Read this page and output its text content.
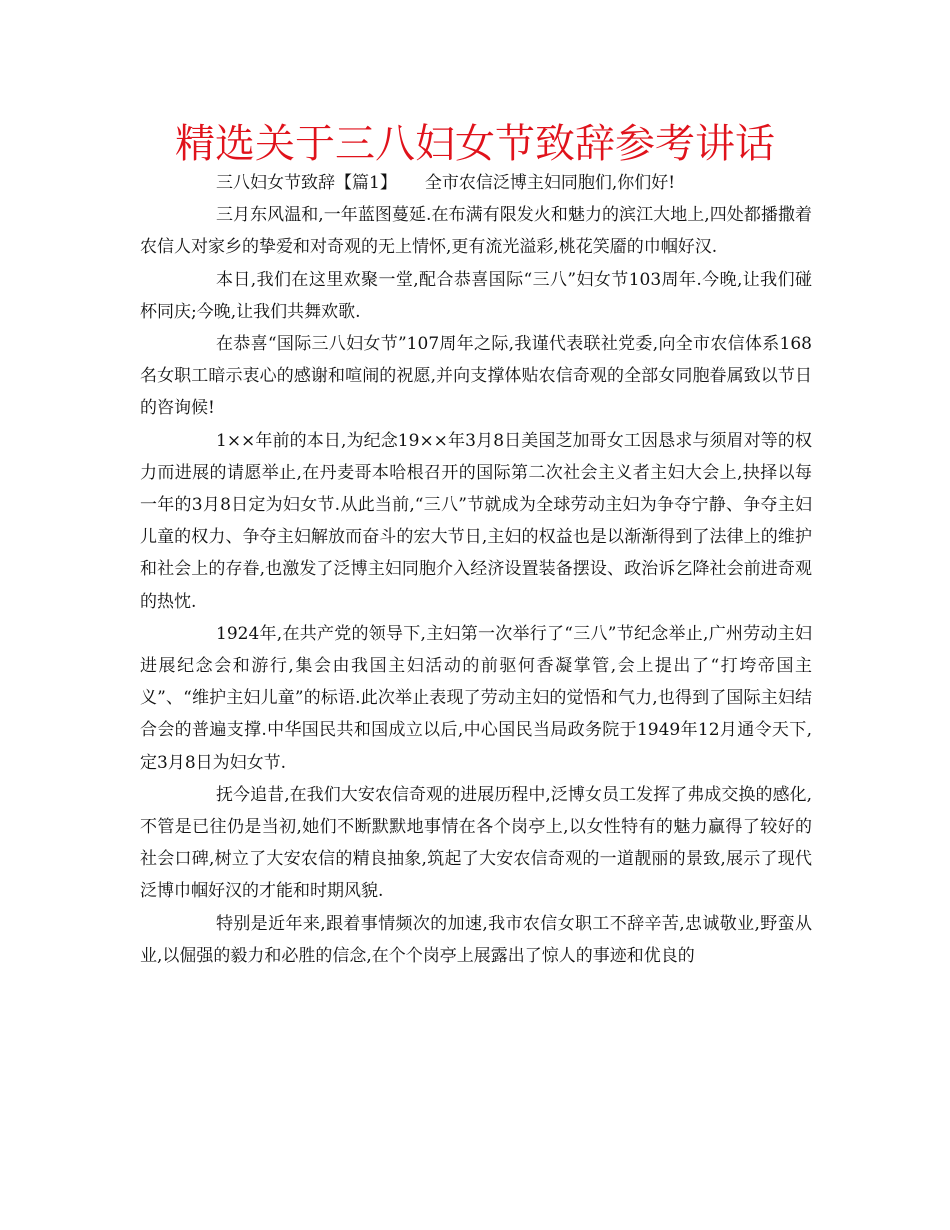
精选关于三八妇女节致辞参考讲话

三八妇女节致辞【篇1】 全市农信泛博主妇同胞们,你们好!

三月东风温和,一年蓝图蔓延.在布满有限发火和魅力的滨江大地上,四处都播撒着农信人对家乡的挚爱和对奇观的无上情怀,更有流光溢彩,桃花笑靥的巾帼好汉.

本日,我们在这里欢聚一堂,配合恭喜国际“三八”妇女节103周年.今晚,让我们碰杯同庆;今晚,让我们共舞欢歌.

在恭喜“国际三八妇女节”107周年之际,我谨代表联社党委,向全市农信体系168名女职工暗示衷心的感谢和喧闹的祝愿,并向支撑体贴农信奇观的全部女同胞眷属致以节日的咨询候!

1××年前的本日,为纪念19××年3月8日美国芝加哥女工因恳求与须眉对等的权力而进展的请愿举止,在丹麦哥本哈根召开的国际第二次社会主义者主妇大会上,抉择以每一年的3月8日定为妇女节.从此当前,“三八”节就成为全球劳动主妇为争夺宁静、争夺主妇儿童的权力、争夺主妇解放而奋斗的宏大节日,主妇的权益也是以渐渐得到了法律上的维护和社会上的存眷,也激发了泛博主妇同胞介入经济设置装备摆设、政治诉乞降社会前进奇观的热忱.

1924年,在共产党的领导下,主妇第一次举行了“三八”节纪念举止,广州劳动主妇进展纪念会和游行,集会由我国主妇活动的前驱何香凝掌管,会上提出了“打垮帝国主义”、“维护主妇儿童”的标语.此次举止表现了劳动主妇的觉悟和气力,也得到了国际主妇结合会的普遍支撑.中华国民共和国成立以后,中心国民当局政务院于1949年12月通令天下,定3月8日为妇女节.

抚今追昔,在我们大安农信奇观的进展历程中,泛博女员工发挥了弗成交换的感化,不管是已往仍是当初,她们不断默默地事情在各个岗亭上,以女性特有的魅力赢得了较好的社会口碑,树立了大安农信的精良抽象,筑起了大安农信奇观的一道靓丽的景致,展示了现代泛博巾帼好汉的才能和时期风貌.

特别是近年来,跟着事情频次的加速,我市农信女职工不辞辛苦,忠诚敬业,野蛮从业,以倔强的毅力和必胜的信念,在个个岗亭上展露出了惊人的事迹和优良的
